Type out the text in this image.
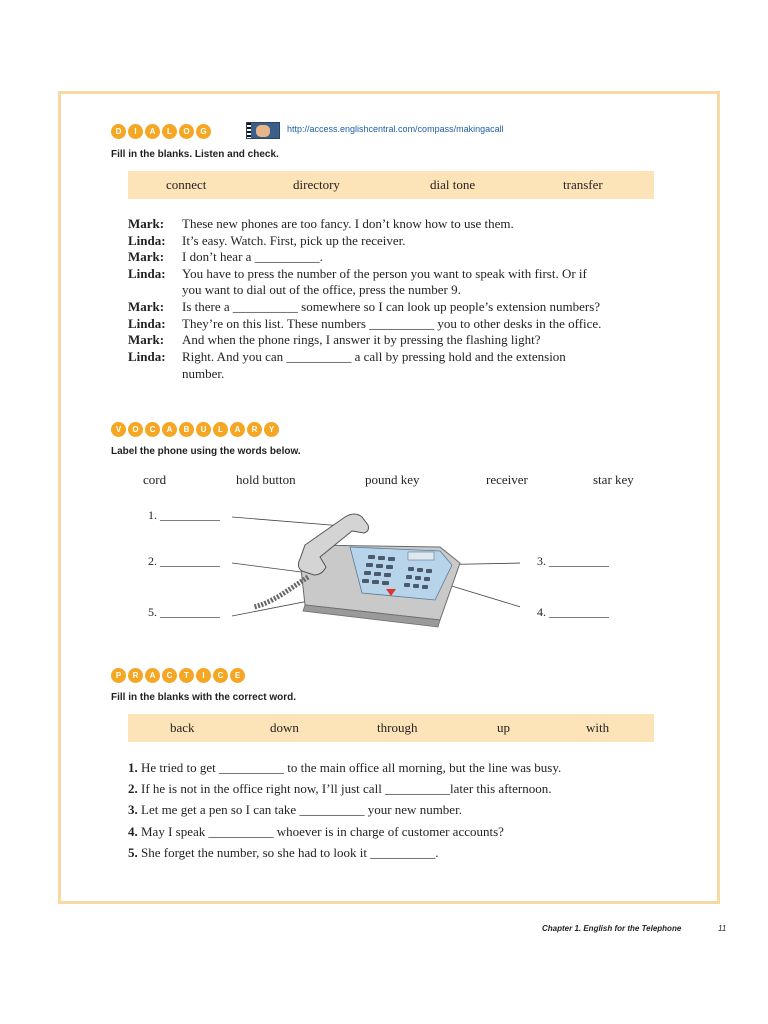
D	I	A	L	O	G	http://access.englishcentral.com/compass/makingacall
Fill in the blanks. Listen and check.
connect	directory	dial tone	transfer
Mark: These new phones are too fancy. I don’t know how to use them.
Linda: It’s easy. Watch. First, pick up the receiver.
Mark: I don’t hear a __________.
Linda: You have to press the number of the person you want to speak with first. Or if
you want to dial out of the office, press the number 9.
Mark: Is there a __________ somewhere so I can look up people’s extension numbers?
Linda: They’re on this list. These numbers __________ you to other desks in the office.
Mark: And when the phone rings, I answer it by pressing the flashing light?
Linda: Right. And you can __________ a call by pressing hold and the extension
number.
V	O	C	A	B	U	L	A	R	Y
Label the phone using the words below.
cord	hold button	pound key	receiver	star key
1. __________
2. __________	3. __________
4. __________
5. __________
P	R	A	C	T	I	C	E
Fill in the blanks with the correct word.
back	down	through	up	with
1. He tried to get __________ to the main office all morning, but the line was busy.
2. If he is not in the office right now, I’ll just call __________later this afternoon.
3. Let me get a pen so I can take __________ your new number.
4. May I speak __________ whoever is in charge of customer accounts?
5. She forget the number, so she had to look it __________.
Chapter 1. English for the Telephone	11
